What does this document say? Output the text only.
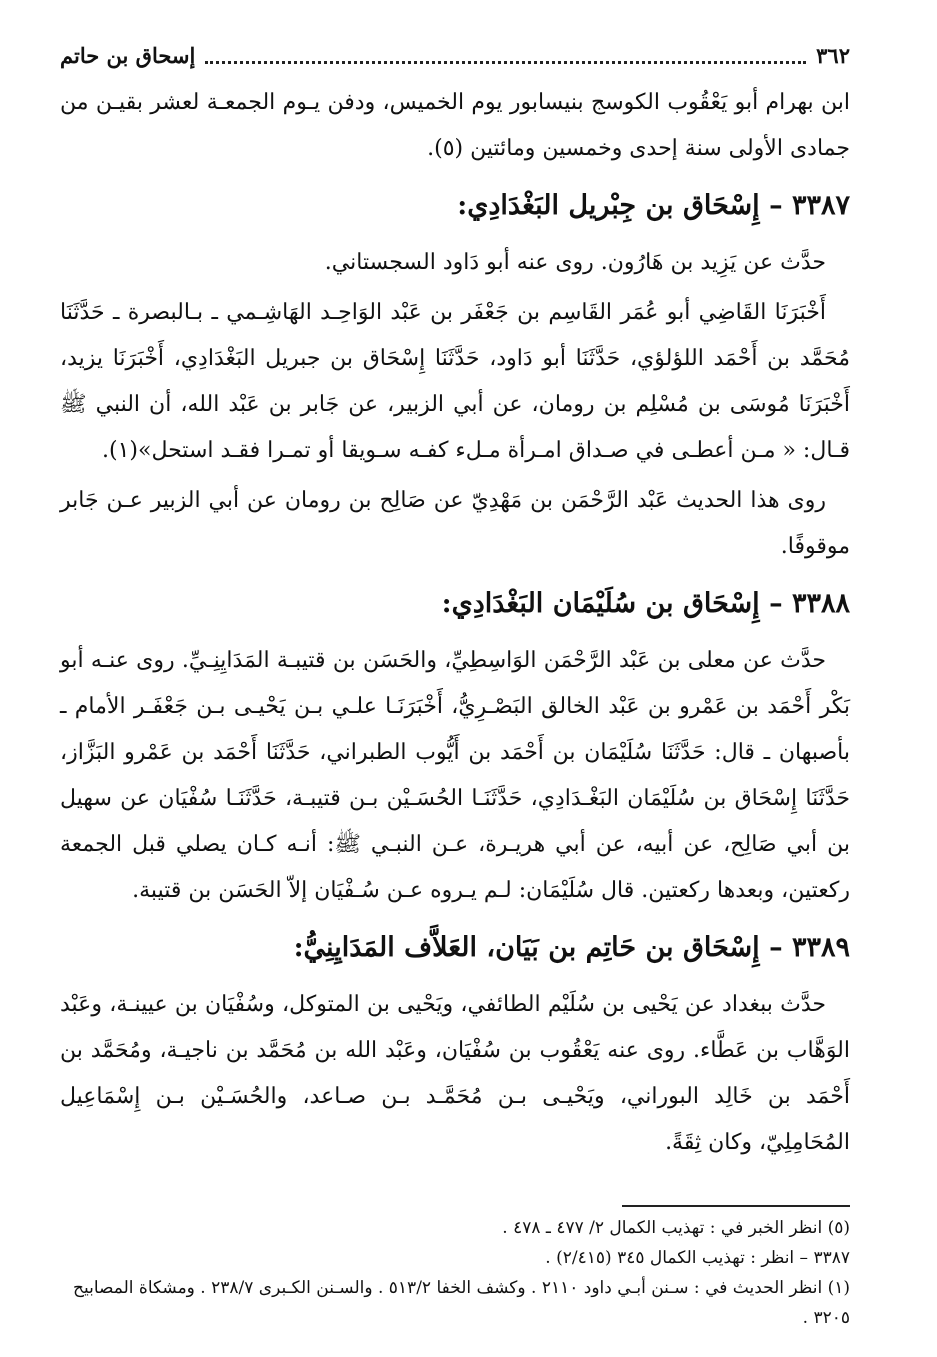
٣٦٢
إسحاق بن حاتم

ابن بهرام أبو يَعْقُوب الكوسج بنيسابور يوم الخميس، ودفن يـوم الجمعـة لعشر بقيـن من جمادى الأولى سنة إحدى وخمسين ومائتين (٥).

٣٣٨٧ – إِسْحَاق بن جِبْريل البَغْدَادِي:

حدَّث عن يَزِيد بن هَارُون. روى عنه أبو دَاود السجستاني.

أَخْبَرَنَا القَاضِي أبو عُمَر القَاسِم بن جَعْفَر بن عَبْد الوَاحِـد الهَاشِـمي ـ بـالبصرة ـ حَدَّثَنَا مُحَمَّد بن أَحْمَد اللؤلؤي، حَدَّثَنَا أبو دَاود، حَدَّثَنَا إِسْحَاق بن جبريل البَغْدَادِي، أَخْبَرَنَا يزيد، أَخْبَرَنَا مُوسَى بن مُسْلِم بن رومان، عن أبي الزبير، عن جَابر بن عَبْد الله، أن النبي ﷺ قـال: « مـن أعطـى في صـداق امـرأة مـلء كفـه سـويقا أو تمـرا فقـد استحل»(١).

روى هذا الحديث عَبْد الرَّحْمَن بن مَهْدِيّ عن صَالِح بن رومان عن أبي الزبير عـن جَابر موقوفًا.

٣٣٨٨ – إِسْحَاق بن سُلَيْمَان البَغْدَادِي:

حدَّث عن معلى بن عَبْد الرَّحْمَن الوَاسِطِيِّ، والحَسَن بن قتيبـة المَدَايِنِـيِّ. روى عنـه أبو بَكْر أَحْمَد بن عَمْرو بن عَبْد الخالق البَصْـرِيُّ، أَخْبَرَنَـا علـي بـن يَحْيـى بـن جَعْفَـر الأمام ـ بأصبهان ـ قال: حَدَّثَنَا سُلَيْمَان بن أَحْمَد بن أَيُّوب الطبراني، حَدَّثَنَا أَحْمَد بن عَمْرو البَزَّاز، حَدَّثَنَا إِسْحَاق بن سُلَيْمَان البَغْـدَادِي، حَدَّثَنَـا الحُسَـيْن بـن قتيبـة، حَدَّثَنَـا سُفْيَان عن سهيل بن أبي صَالِح، عن أبيه، عن أبي هريـرة، عـن النبـي ﷺ: أنـه كـان يصلي قبل الجمعة ركعتين، وبعدها ركعتين. قال سُلَيْمَان: لـم يـروه عـن سُـفْيَان إلاّ الحَسَن بن قتيبة.

٣٣٨٩ – إِسْحَاق بن حَاتِم بن بَيَان، العَلاَّف المَدَايِنِيُّ:

حدَّث ببغداد عن يَحْيى بن سُلَيْم الطائفي، ويَحْيى بن المتوكل، وسُفْيَان بن عيينـة، وعَبْد الوَهَّاب بن عَطَّاء. روى عنه يَعْقُوب بن سُفْيَان، وعَبْد الله بن مُحَمَّد بن ناجيـة، ومُحَمَّد بن أَحْمَد بن خَالِد البوراني، ويَحْيـى بـن مُحَمَّـد بـن صـاعد، والحُسَـيْن بـن إِسْمَاعِيل المُحَامِلِيّ، وكان ثِقَةً.

(٥) انظر الخبر في : تهذيب الكمال ٢/ ٤٧٧ ـ ٤٧٨ .

٣٣٨٧ – انظر : تهذيب الكمال ٣٤٥ (٢/٤١٥) .

(١) انظر الحديث في : سـنن أبـي داود ٢١١٠ . وكشف الخفا ٥١٣/٢ . والسـنن الكـبرى ٢٣٨/٧ . ومشكاة المصابيح ٣٢٠٥ .
